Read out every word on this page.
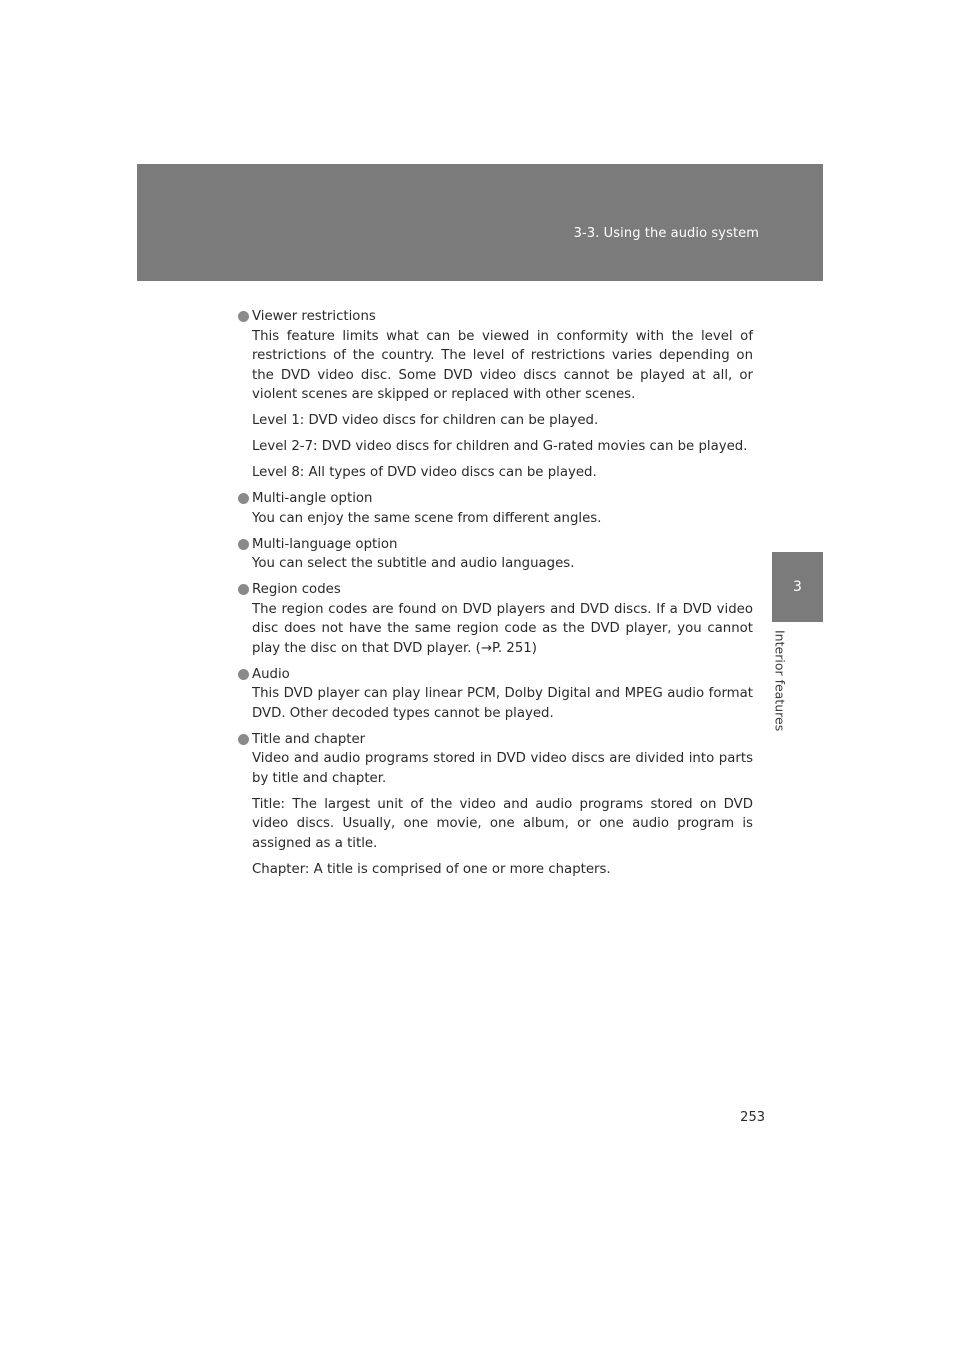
3-3. Using the audio system
3
Interior features
Viewer restrictions
This feature limits what can be viewed in conformity with the level of restrictions of the country. The level of restrictions varies depending on the DVD video disc. Some DVD video discs cannot be played at all, or violent scenes are skipped or replaced with other scenes.
Level 1: DVD video discs for children can be played.
Level 2-7: DVD video discs for children and G-rated movies can be played.
Level 8: All types of DVD video discs can be played.
Multi-angle option
You can enjoy the same scene from different angles.
Multi-language option
You can select the subtitle and audio languages.
Region codes
The region codes are found on DVD players and DVD discs. If a DVD video disc does not have the same region code as the DVD player, you cannot play the disc on that DVD player. (→P. 251)
Audio
This DVD player can play linear PCM, Dolby Digital and MPEG audio format DVD. Other decoded types cannot be played.
Title and chapter
Video and audio programs stored in DVD video discs are divided into parts by title and chapter.
Title: The largest unit of the video and audio programs stored on DVD video discs. Usually, one movie, one album, or one audio program is assigned as a title.
Chapter: A title is comprised of one or more chapters.
253
